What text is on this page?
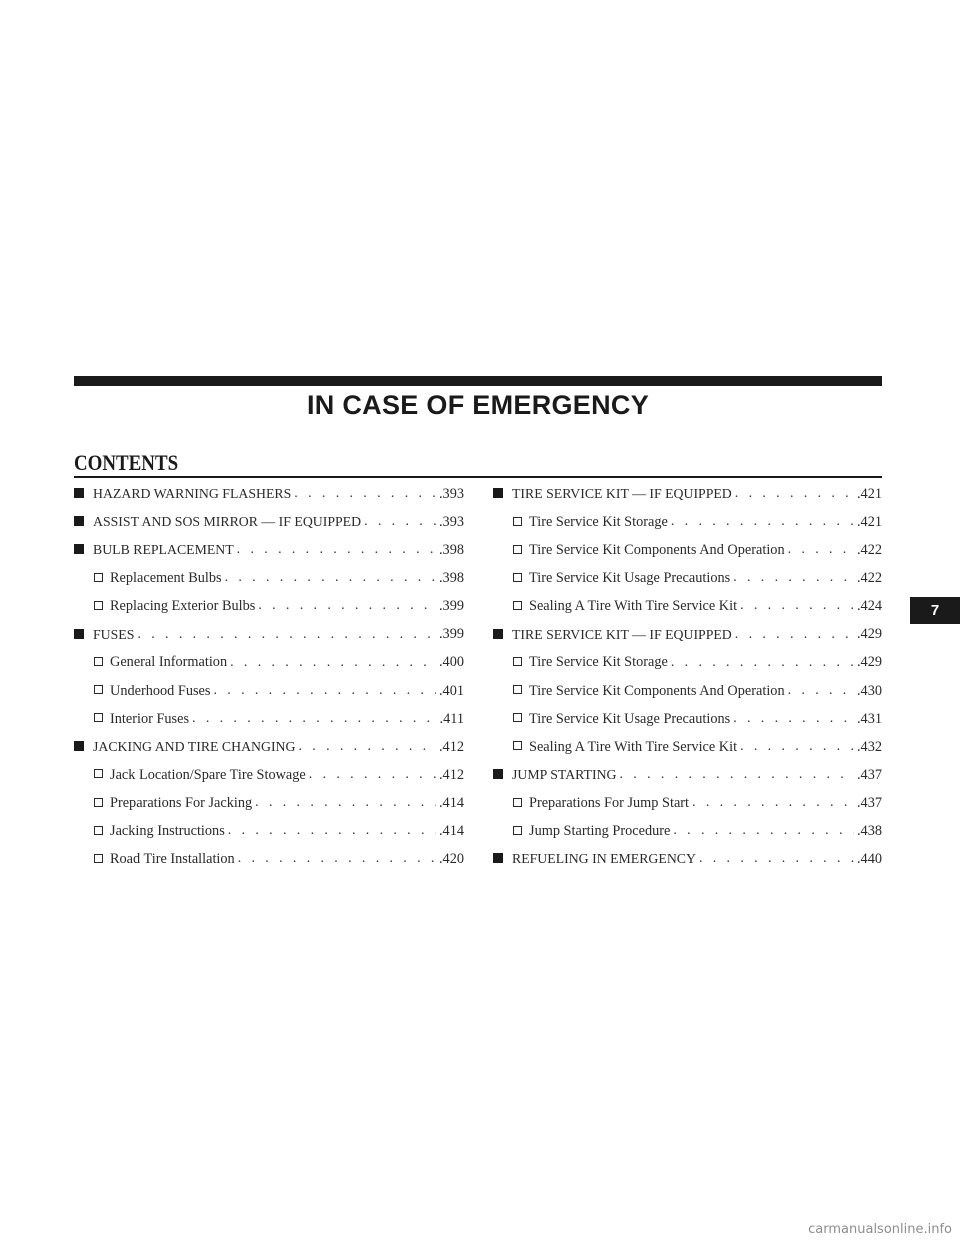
IN CASE OF EMERGENCY
CONTENTS
HAZARD WARNING FLASHERS . . .	.393
ASSIST AND SOS MIRROR — IF EQUIPPED . . .	.393
BULB REPLACEMENT . . .	.398
Replacement Bulbs . . .	.398
Replacing Exterior Bulbs . . .	.399
FUSES . . .	.399
General Information . . .	.400
Underhood Fuses . . .	.401
Interior Fuses . . .	.411
JACKING AND TIRE CHANGING . . .	.412
Jack Location/Spare Tire Stowage . . .	.412
Preparations For Jacking . . .	.414
Jacking Instructions . . .	.414
Road Tire Installation . . .	.420
TIRE SERVICE KIT — IF EQUIPPED . . .	.421
Tire Service Kit Storage . . .	.421
Tire Service Kit Components And Operation . . .	.422
Tire Service Kit Usage Precautions . . .	.422
Sealing A Tire With Tire Service Kit . . .	.424
TIRE SERVICE KIT — IF EQUIPPED . . .	.429
Tire Service Kit Storage . . .	.429
Tire Service Kit Components And Operation . . .	.430
Tire Service Kit Usage Precautions . . .	.431
Sealing A Tire With Tire Service Kit . . .	.432
JUMP STARTING . . .	.437
Preparations For Jump Start . . .	.437
Jump Starting Procedure . . .	.438
REFUELING IN EMERGENCY . . .	.440
7
carmanualsonline.info
